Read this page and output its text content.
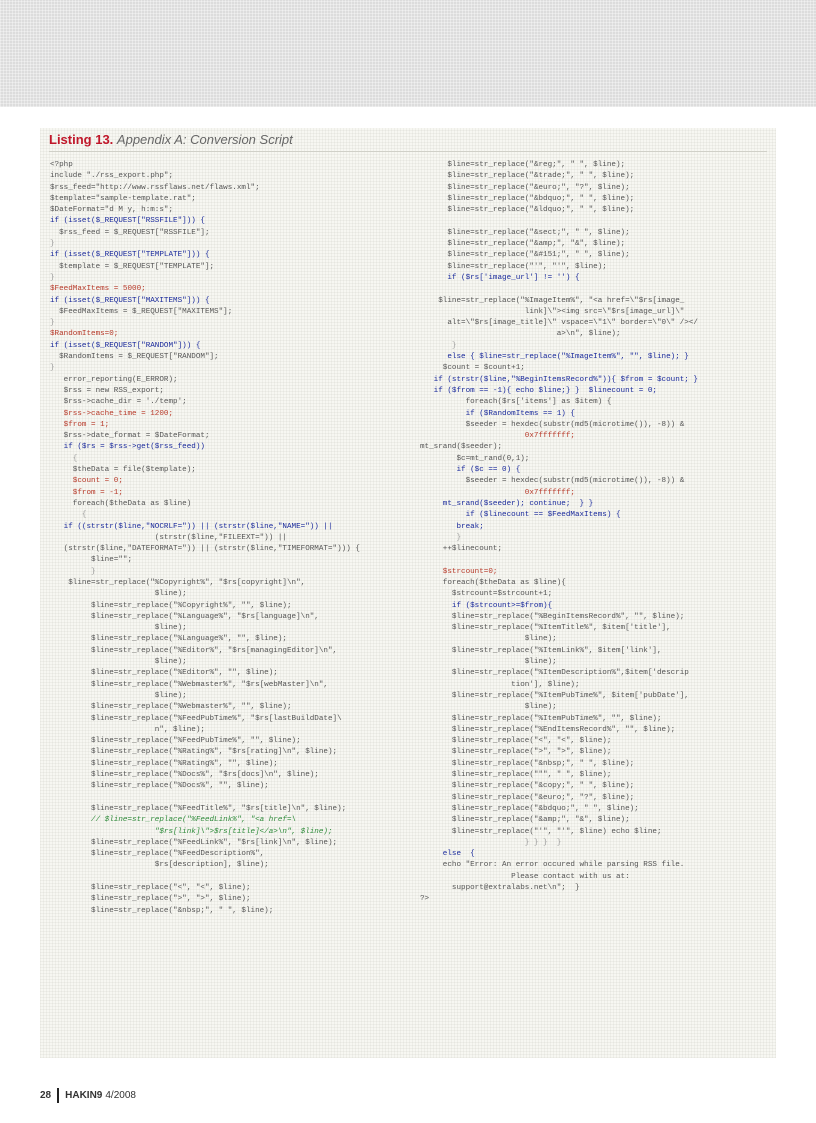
Listing 13. Appendix A: Conversion Script
<?php
include "./rss_export.php";
$rss_feed="http://www.rssflaws.net/flaws.xml";
$template="sample-template.rat";
$DateFormat="d M y, h:m:s";
if (isset($_REQUEST["RSSFILE"])) {
$rss_feed = $_REQUEST["RSSFILE"];
}
if (isset($_REQUEST["TEMPLATE"])) {
$template = $_REQUEST["TEMPLATE"];
}
$FeedMaxItems = 5000;
if (isset($_REQUEST["MAXITEMS"])) {
$FeedMaxItems = $_REQUEST["MAXITEMS"];
}
$RandomItems=0;
if (isset($_REQUEST["RANDOM"])) {
$RandomItems = $_REQUEST["RANDOM"];
}
error_reporting(E_ERROR);
$rss = new RSS_export;
$rss->cache_dir = './temp';
$rss->cache_time = 1200;
$from = 1;
$rss->date_format = $DateFormat;
if ($rs = $rss->get($rss_feed))
{
$theData = file($template);
$count = 0;
$from = -1;
foreach($theData as $line)
{
if ((strstr($line,"NOCRLF=")) || (strstr($line,"NAME=")) ||
(strstr($line,"FILEEXT=")) ||
(strstr($line,"DATEFORMAT=")) || (strstr($line,"TIMEFORMAT="))) {
$line="";
}
$line=str_replace("%Copyright%", "$rs[copyright]\n",
$line);
$line=str_replace("%Copyright%", "", $line);
$line=str_replace("%Language%", "$rs[language]\n",
$line);
$line=str_replace("%Language%", "", $line);
$line=str_replace("%Editor%", "$rs[managingEditor]\n",
$line);
$line=str_replace("%Editor%", "", $line);
$line=str_replace("%Webmaster%", "$rs[webMaster]\n",
$line);
$line=str_replace("%Webmaster%", "", $line);
$line=str_replace("%FeedPubTime%", "$rs[lastBuildDate]\
n", $line);
$line=str_replace("%FeedPubTime%", "", $line);
$line=str_replace("%Rating%", "$rs[rating]\n", $line);
$line=str_replace("%Rating%", "", $line);
$line=str_replace("%Docs%", "$rs[docs]\n", $line);
$line=str_replace("%Docs%", "", $line);
$line=str_replace("%FeedTitle%", "$rs[title]\n", $line);
// $line=str_replace("%FeedLink%", "<a href=\
"$rs[link]\">$rs[title]</a>\n", $line);
$line=str_replace("%FeedLink%", "$rs[link]\n", $line);
$line=str_replace("%FeedDescription%",
$rs[description], $line);
$line=str_replace("<", "<", $line);
$line=str_replace(">", ">", $line);
$line=str_replace("&nbsp;", " ", $line);
$line=str_replace("&reg;", " ", $line);
$line=str_replace("&trade;", " ", $line);
$line=str_replace("&euro;", "?", $line);
$line=str_replace("&bdquo;", " ", $line);
$line=str_replace("&ldquo;", " ", $line);
$line=str_replace("&sect;", " ", $line);
$line=str_replace("&amp;", "&", $line);
$line=str_replace("&#151;", " ", $line);
$line=str_replace("'", "'", $line);
if ($rs['image_url'] != '') {
$line=str_replace("%ImageItem%", "<a href=\"$rs[image_
link]\"><img src=\"$rs[image_url]\"
alt=\"$rs[image_title]\" vspace=\"1\" border=\"0\" /></
a>\n", $line);
}
else { $line=str_replace("%ImageItem%", "", $line); }
$count = $count+1;
if (strstr($line,"%BeginItemsRecord%")){ $from = $count; }
if ($from == -1){ echo $line;} }  $linecount = 0;
foreach($rs['items'] as $item) {
if ($RandomItems == 1) {
$seeder = hexdec(substr(md5(microtime()), -8)) &
0x7fffffff;
mt_srand($seeder);
$c=mt_rand(0,1);
if ($c == 0) {
$seeder = hexdec(substr(md5(microtime()), -8)) &
0x7fffffff;
mt_srand($seeder); continue;  } }
if ($linecount == $FeedMaxItems) {
break;
}
++$linecount;
$strcount=0;
foreach($theData as $line){
$strcount=$strcount+1;
if ($strcount>=$from){
$line=str_replace("%BeginItemsRecord%", "", $line);
$line=str_replace("%ItemTitle%", $item['title'],
$line);
$line=str_replace("%ItemLink%", $item['link'],
$line);
$line=str_replace("%ItemDescription%",$item['descrip
tion'], $line);
$line=str_replace("%ItemPubTime%", $item['pubDate'],
$line);
$line=str_replace("%ItemPubTime%", "", $line);
$line=str_replace("%EndItemsRecord%", "", $line);
$line=str_replace("<", "<", $line);
$line=str_replace(">", ">", $line);
$line=str_replace("&nbsp;", " ", $line);
$line=str_replace(""", " ", $line);
$line=str_replace("&copy;", " ", $line);
$line=str_replace("&euro;", "?", $line);
$line=str_replace("&bdquo;", " ", $line);
$line=str_replace("&amp;", "&", $line);
$line=str_replace("'", "'", $line) echo $line;
} } }  }
else  {
echo "Error: An error occured while parsing RSS file.
Please contact with us at:
support@extralabs.net\n";  }
?>
28 HAKIN9 4/2008
